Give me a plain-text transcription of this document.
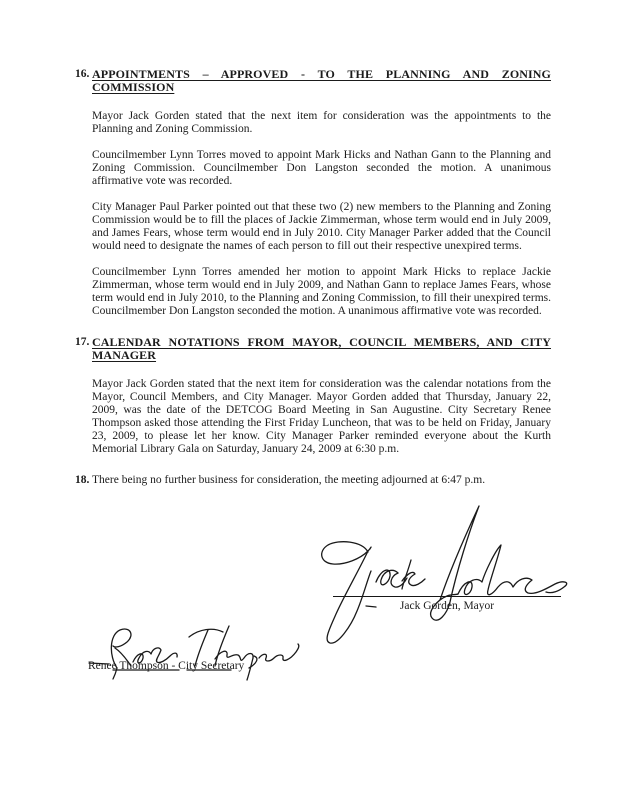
16. APPOINTMENTS – APPROVED - TO THE PLANNING AND ZONING
COMMISSION

Mayor Jack Gorden stated that the next item for consideration was the appointments to the Planning and Zoning Commission.

Councilmember Lynn Torres moved to appoint Mark Hicks and Nathan Gann to the Planning and Zoning Commission. Councilmember Don Langston seconded the motion. A unanimous affirmative vote was recorded.

City Manager Paul Parker pointed out that these two (2) new members to the Planning and Zoning Commission would be to fill the places of Jackie Zimmerman, whose term would end in July 2009, and James Fears, whose term would end in July 2010. City Manager Parker added that the Council would need to designate the names of each person to fill out their respective unexpired terms.

Councilmember Lynn Torres amended her motion to appoint Mark Hicks to replace Jackie Zimmerman, whose term would end in July 2009, and Nathan Gann to replace James Fears, whose term would end in July 2010, to the Planning and Zoning Commission, to fill their unexpired terms. Councilmember Don Langston seconded the motion. A unanimous affirmative vote was recorded.

17. CALENDAR NOTATIONS FROM MAYOR, COUNCIL MEMBERS, AND CITY
MANAGER

Mayor Jack Gorden stated that the next item for consideration was the calendar notations from the Mayor, Council Members, and City Manager. Mayor Gorden added that Thursday, January 22, 2009, was the date of the DETCOG Board Meeting in San Augustine. City Secretary Renee Thompson asked those attending the First Friday Luncheon, that was to be held on Friday, January 23, 2009, to please let her know. City Manager Parker reminded everyone about the Kurth Memorial Library Gala on Saturday, January 24, 2009 at 6:30 p.m.

18. There being no further business for consideration, the meeting adjourned at 6:47 p.m.

Jack Gorden, Mayor
Renee Thompson - City Secretary
